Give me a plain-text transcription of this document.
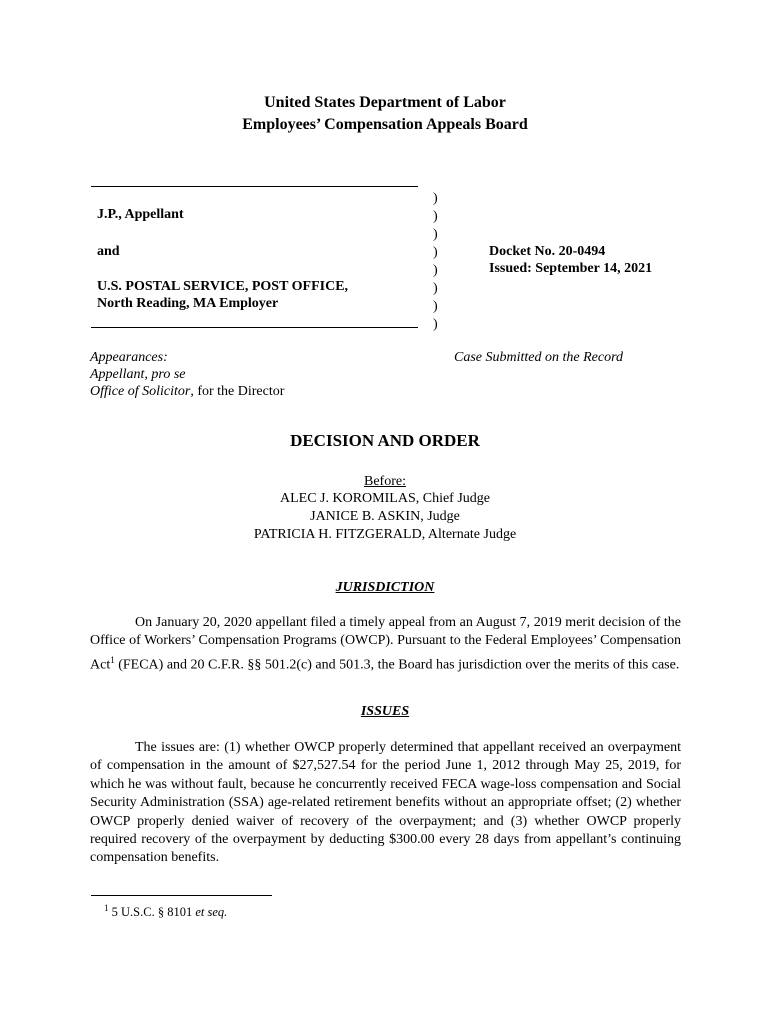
United States Department of Labor
Employees’ Compensation Appeals Board
J.P., Appellant
and
U.S. POSTAL SERVICE, POST OFFICE,
North Reading, MA Employer
)
)
)
)
)
)
)
)
Docket No. 20-0494
Issued: September 14, 2021
Appearances:
Appellant, pro se
Office of Solicitor, for the Director
Case Submitted on the Record
DECISION AND ORDER
Before:
ALEC J. KOROMILAS, Chief Judge
JANICE B. ASKIN, Judge
PATRICIA H. FITZGERALD, Alternate Judge
JURISDICTION
On January 20, 2020 appellant filed a timely appeal from an August 7, 2019 merit decision of the Office of Workers’ Compensation Programs (OWCP). Pursuant to the Federal Employees’ Compensation Act$^1$ (FECA) and 20 C.F.R. §§ 501.2(c) and 501.3, the Board has jurisdiction over the merits of this case.
ISSUES
The issues are: (1) whether OWCP properly determined that appellant received an overpayment of compensation in the amount of $27,527.54 for the period June 1, 2012 through May 25, 2019, for which he was without fault, because he concurrently received FECA wage-loss compensation and Social Security Administration (SSA) age-related retirement benefits without an appropriate offset; (2) whether OWCP properly denied waiver of recovery of the overpayment; and (3) whether OWCP properly required recovery of the overpayment by deducting $300.00 every 28 days from appellant’s continuing compensation benefits.
$^1$ 5 U.S.C. § 8101 et seq.
